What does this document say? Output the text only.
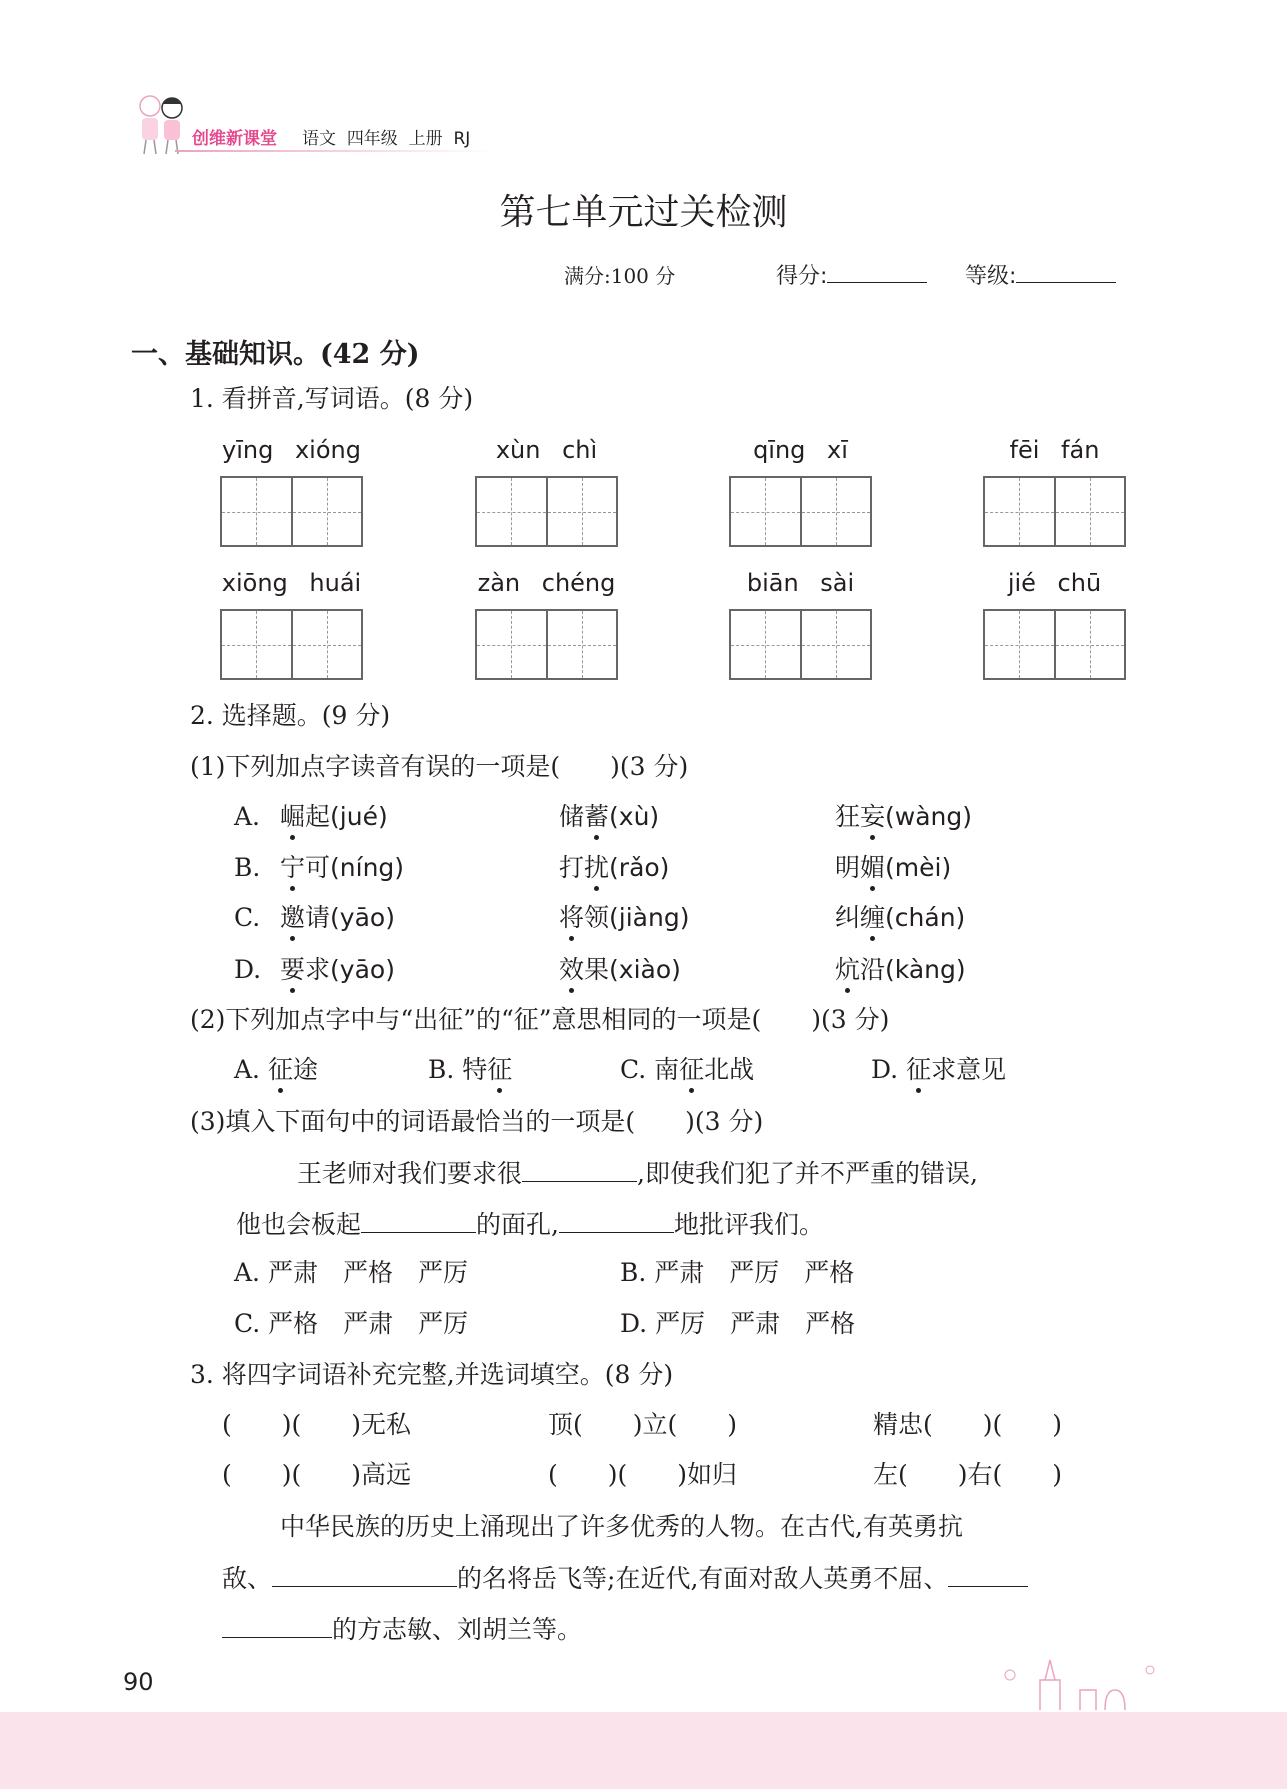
创维新课堂 语文 四年级 上册 RJ
第七单元过关检测
满分:100 分	得分:	等级:
一、基础知识。(42 分)
1. 看拼音,写词语。(8 分)
yīng xióng	xùn chì	qīng xī	fēi fán
xiōng huái	zàn chéng	biān sài	jié chū
2. 选择题。(9 分)
(1)下列加点字读音有误的一项是(　　)(3 分)
A. 崛起(jué)	储蓄(xù)	狂妄(wàng)
B. 宁可(níng)	打扰(rǎo)	明媚(mèi)
C. 邀请(yāo)	将领(jiàng)	纠缠(chán)
D. 要求(yāo)	效果(xiào)	炕沿(kàng)
(2)下列加点字中与“出征”的“征”意思相同的一项是(　　)(3 分)
A. 征途	B. 特征	C. 南征北战	D. 征求意见
(3)填入下面句中的词语最恰当的一项是(　　)(3 分)
王老师对我们要求很	,即使我们犯了并不严重的错误,
他也会板起	的面孔,	地批评我们。
A. 严肃　严格　严厉	B. 严肃　严厉　严格
C. 严格　严肃　严厉	D. 严厉　严肃　严格
3. 将四字词语补充完整,并选词填空。(8 分)
(　　)(　　)无私	顶(　　)立(　　)	精忠(　　)(　　)
(　　)(　　)高远	(　　)(　　)如归	左(　　)右(　　)
中华民族的历史上涌现出了许多优秀的人物。在古代,有英勇抗
敌、	的名将岳飞等;在近代,有面对敌人英勇不屈、
的方志敏、刘胡兰等。
90
